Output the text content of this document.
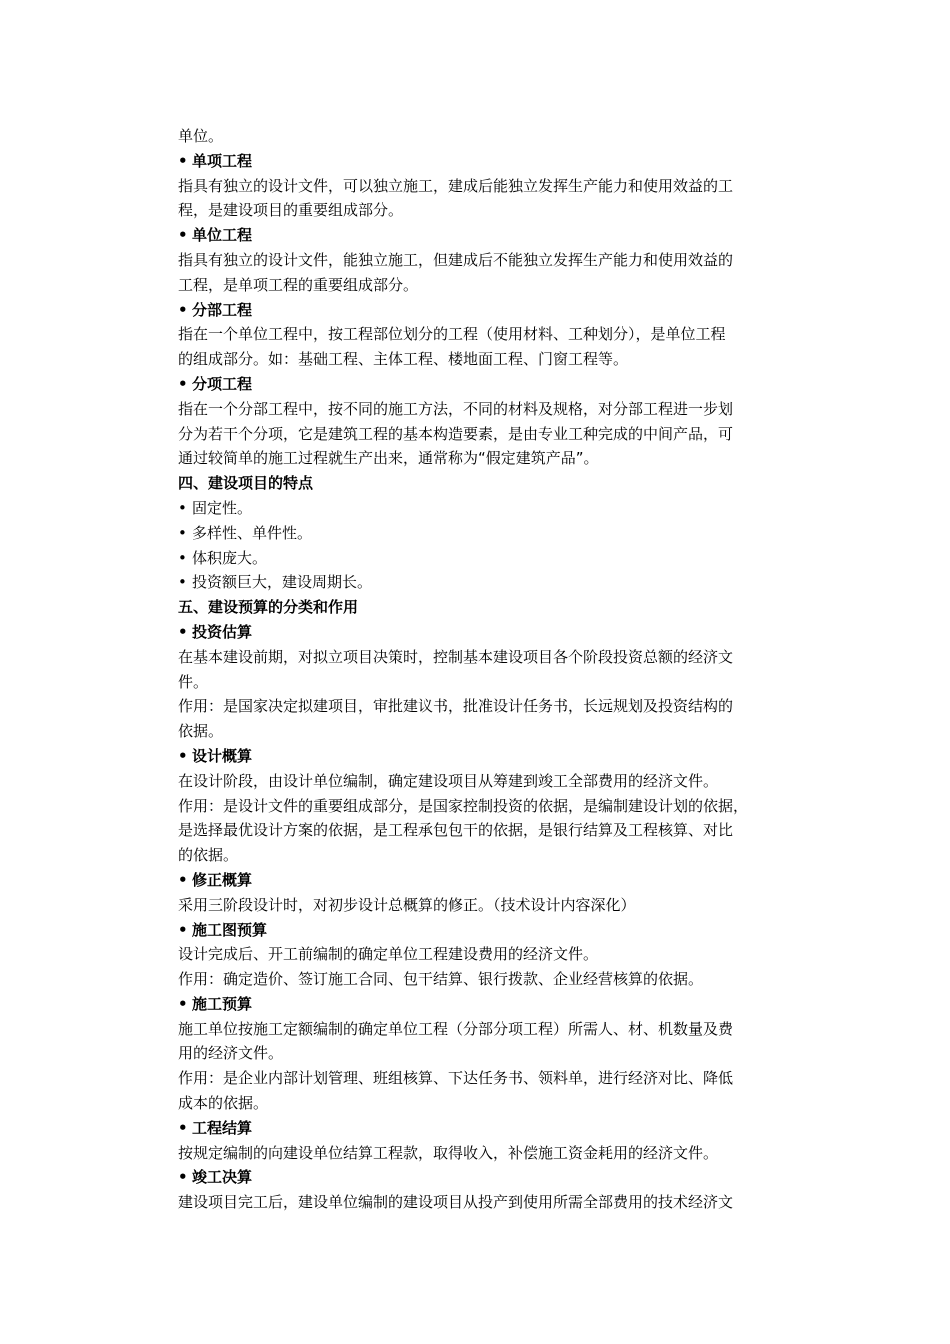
单位。
• 单项工程
指具有独立的设计文件，可以独立施工，建成后能独立发挥生产能力和使用效益的工
程，是建设项目的重要组成部分。
• 单位工程
指具有独立的设计文件，能独立施工，但建成后不能独立发挥生产能力和使用效益的
工程，是单项工程的重要组成部分。
• 分部工程
指在一个单位工程中，按工程部位划分的工程（使用材料、工种划分），是单位工程
的组成部分。如：基础工程、主体工程、楼地面工程、门窗工程等。
• 分项工程
指在一个分部工程中，按不同的施工方法，不同的材料及规格，对分部工程进一步划
分为若干个分项，它是建筑工程的基本构造要素，是由专业工种完成的中间产品，可
通过较简单的施工过程就生产出来，通常称为“假定建筑产品”。
四、建设项目的特点
• 固定性。
• 多样性、单件性。
• 体积庞大。
• 投资额巨大，建设周期长。
五、建设预算的分类和作用
• 投资估算
在基本建设前期，对拟立项目决策时，控制基本建设项目各个阶段投资总额的经济文
件。
作用：是国家决定拟建项目，审批建议书，批准设计任务书，长远规划及投资结构的
依据。
• 设计概算
在设计阶段，由设计单位编制，确定建设项目从筹建到竣工全部费用的经济文件。
作用：是设计文件的重要组成部分，是国家控制投资的依据，是编制建设计划的依据，
是选择最优设计方案的依据，是工程承包包干的依据，是银行结算及工程核算、对比
的依据。
• 修正概算
采用三阶段设计时，对初步设计总概算的修正。（技术设计内容深化）
• 施工图预算
设计完成后、开工前编制的确定单位工程建设费用的经济文件。
作用：确定造价、签订施工合同、包干结算、银行拨款、企业经营核算的依据。
• 施工预算
施工单位按施工定额编制的确定单位工程（分部分项工程）所需人、材、机数量及费
用的经济文件。
作用：是企业内部计划管理、班组核算、下达任务书、领料单，进行经济对比、降低
成本的依据。
• 工程结算
按规定编制的向建设单位结算工程款，取得收入，补偿施工资金耗用的经济文件。
• 竣工决算
建设项目完工后，建设单位编制的建设项目从投产到使用所需全部费用的技术经济文
